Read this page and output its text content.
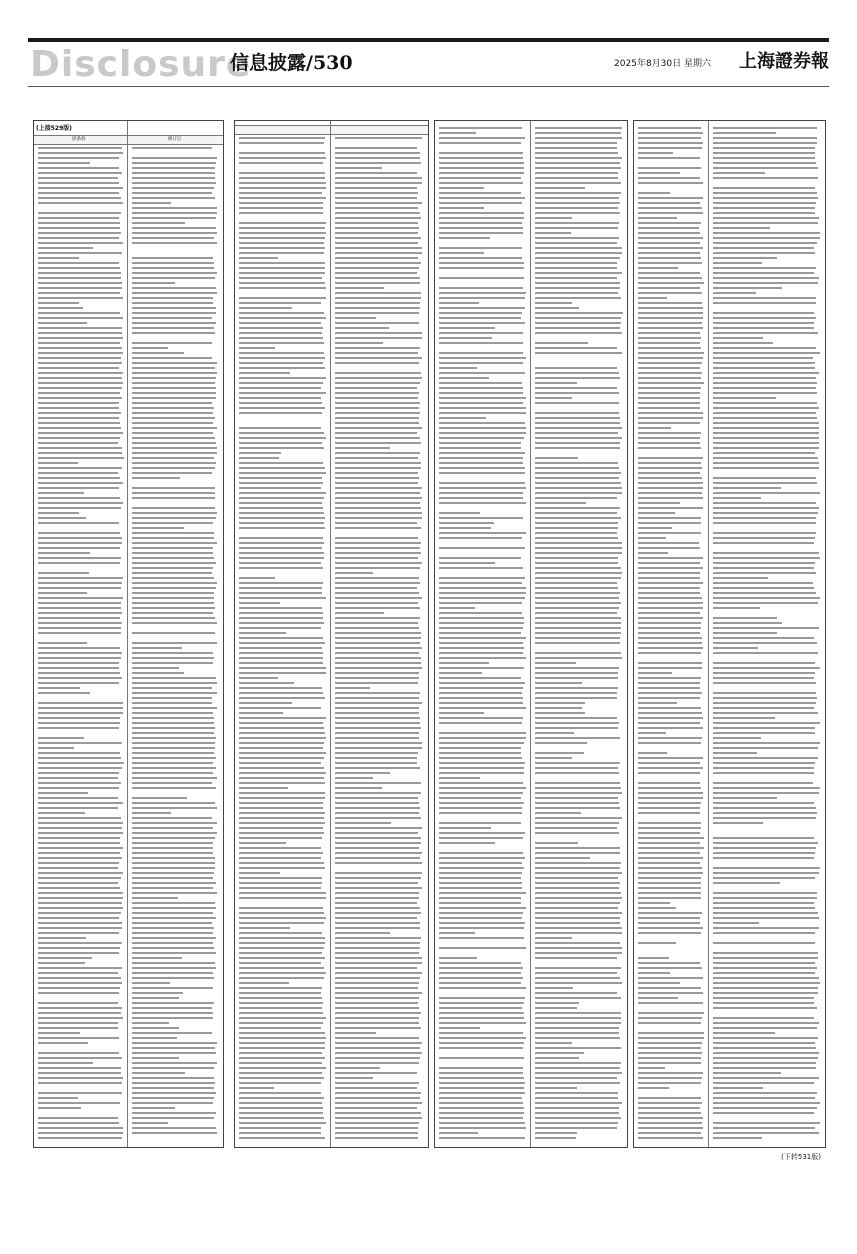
Disclosure
信息披露/530	2025年8月30日 星期六 上海證券報
(上接529版)
原条款	修订后
(下转531版)
